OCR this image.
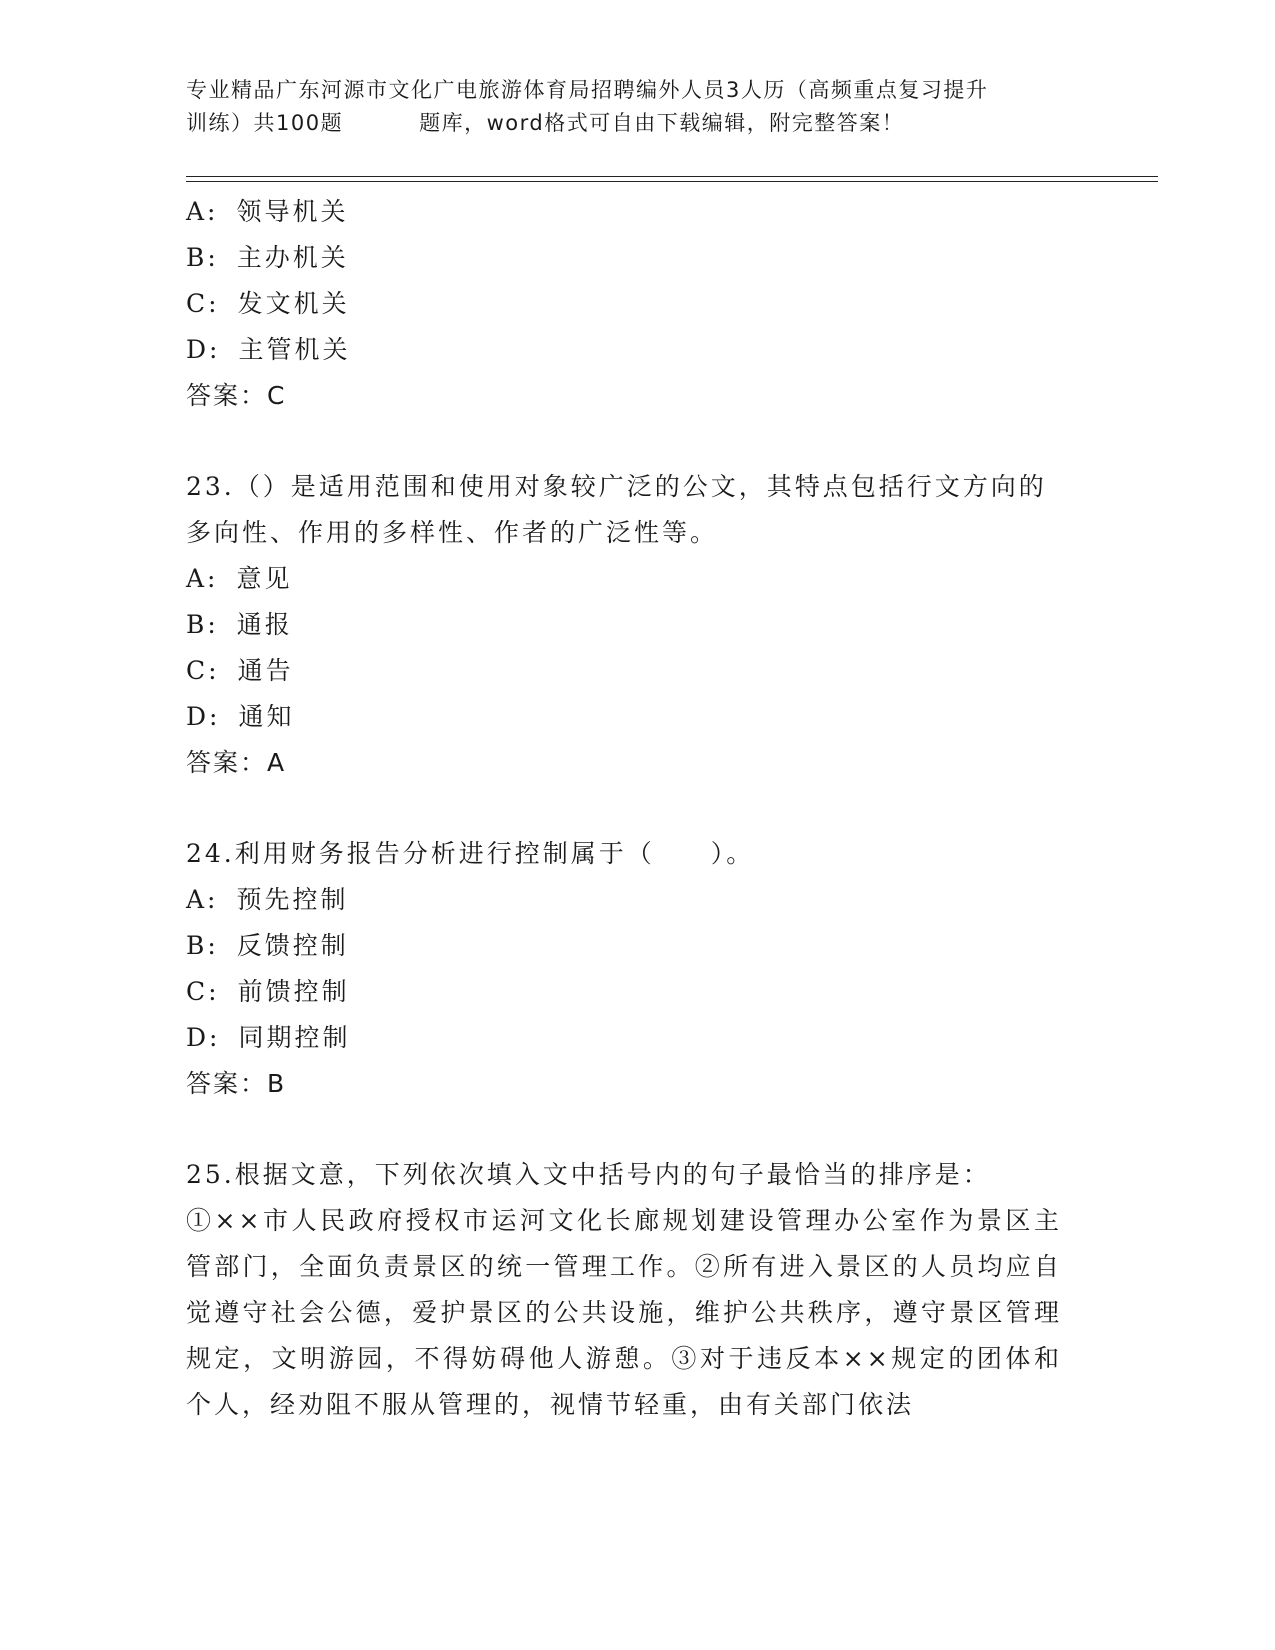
专业精品广东河源市文化广电旅游体育局招聘编外人员3人历（高频重点复习提升
训练）共100题	题库，word格式可自由下载编辑，附完整答案！
A: 领导机关
B: 主办机关
C: 发文机关
D: 主管机关
答案：C
23.（）是适用范围和使用对象较广泛的公文，其特点包括行文方向的
多向性、作用的多样性、作者的广泛性等。
A: 意见
B: 通报
C: 通告
D: 通知
答案：A
24.利用财务报告分析进行控制属于（　　）。
A: 预先控制
B: 反馈控制
C: 前馈控制
D: 同期控制
答案：B
25.根据文意，下列依次填入文中括号内的句子最恰当的排序是：
①××市人民政府授权市运河文化长廊规划建设管理办公室作为景区主管部门，全面负责景区的统一管理工作。②所有进入景区的人员均应自觉遵守社会公德，爱护景区的公共设施，维护公共秩序，遵守景区管理规定，文明游园，不得妨碍他人游憩。③对于违反本××规定的团体和个人，经劝阻不服从管理的，视情节轻重，由有关部门依法
